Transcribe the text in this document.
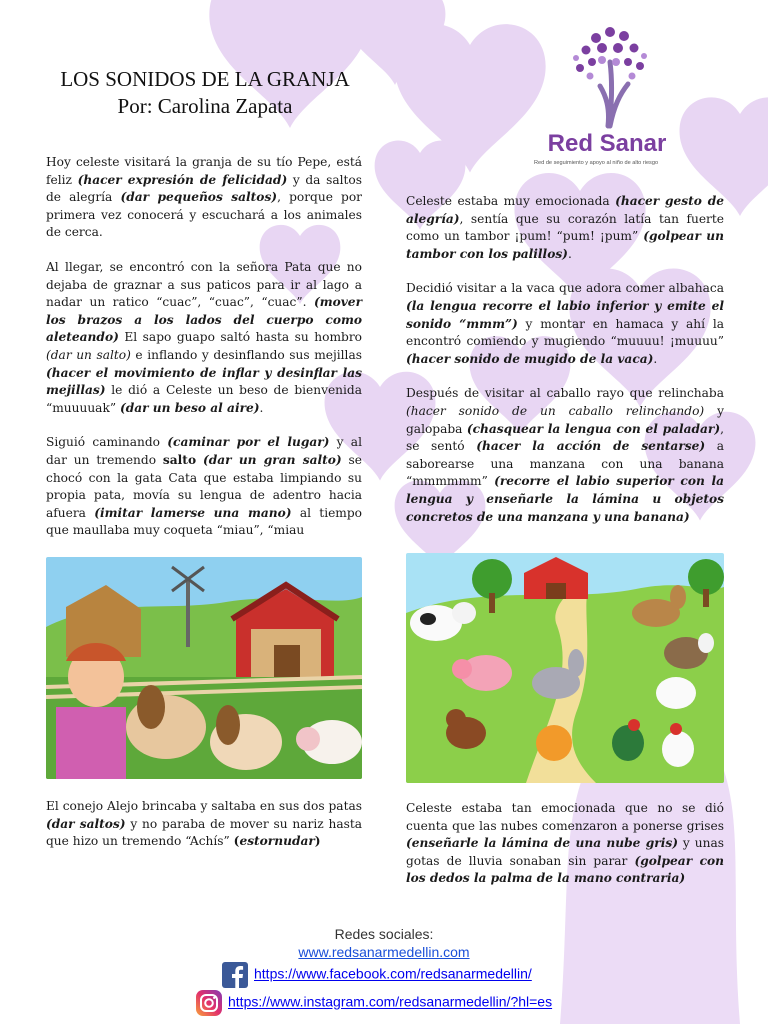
LOS SONIDOS DE LA GRANJA
Por: Carolina Zapata
Red Sanar
Red de seguimiento y apoyo al niño de alto riesgo

Hoy celeste visitará la granja de su tío Pepe, está feliz (hacer expresión de felicidad) y da saltos de alegría (dar pequeños saltos), porque por primera vez conocerá y escuchará a los animales de cerca.

Al llegar, se encontró con la señora Pata que no dejaba de graznar a sus paticos para ir al lago a nadar un ratico “cuac”, “cuac”, “cuac”. (mover los brazos a los lados del cuerpo como aleteando) El sapo guapo saltó hasta su hombro (dar un salto) e inflando y desinflando sus mejillas (hacer el movimiento de inflar y desinflar las mejillas) le dió a Celeste un beso de bienvenida “muuuuak” (dar un beso al aire).

Siguió caminando (caminar por el lugar) y al dar un tremendo salto (dar un gran salto) se chocó con la gata Cata que estaba limpiando su propia pata, movía su lengua de adentro hacia afuera (imitar lamerse una mano) al tiempo que maullaba muy coqueta “miau”, “miau

El conejo Alejo brincaba y saltaba en sus dos patas (dar saltos) y no paraba de mover su nariz hasta que hizo un tremendo “Achís” (estornudar)

Celeste estaba muy emocionada (hacer gesto de alegría), sentía que su corazón latía tan fuerte como un tambor ¡pum! “pum! ¡pum” (golpear un tambor con los palillos).

Decidió visitar a la vaca que adora comer albahaca (la lengua recorre el labio inferior y emite el sonido “mmm”) y montar en hamaca y ahí la encontró comiendo y mugiendo “muuuu! ¡muuuu” (hacer sonido de mugido de la vaca).

Después de visitar al caballo rayo que relinchaba (hacer sonido de un caballo relinchando) y galopaba (chasquear la lengua con el paladar), se sentó (hacer la acción de sentarse) a saborearse una manzana con una banana “mmmmmm” (recorre el labio superior con la lengua y enseñarle la lámina u objetos concretos de una manzana y una banana)

Celeste estaba tan emocionada que no se dió cuenta que las nubes comenzaron a ponerse grises (enseñarle la lámina de una nube gris) y unas gotas de lluvia sonaban sin parar (golpear con los dedos la palma de la mano contraria)

Redes sociales:
www.redsanarmedellin.com
https://www.facebook.com/redsanarmedellin/
https://www.instagram.com/redsanarmedellin/?hl=es
